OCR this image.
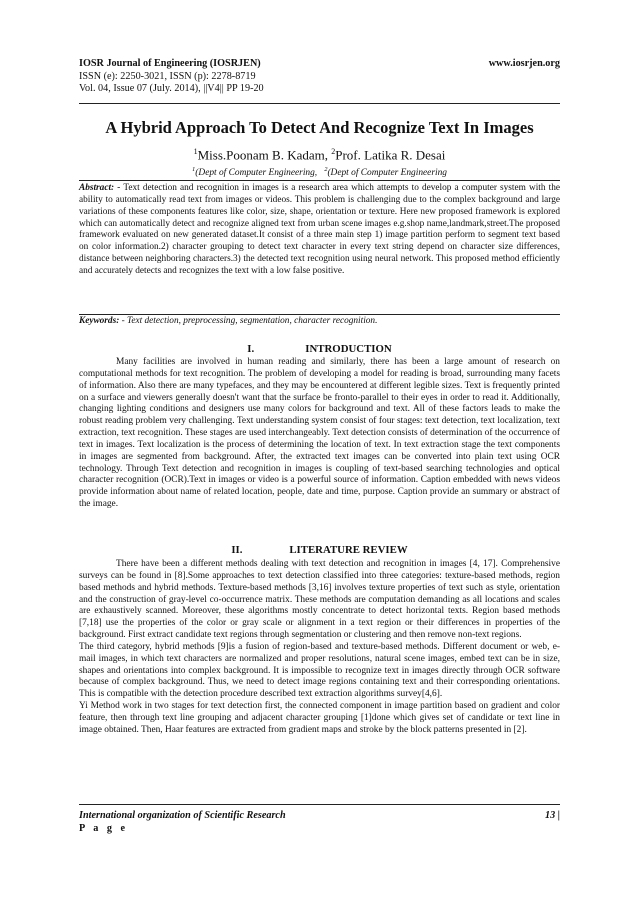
IOSR Journal of Engineering (IOSRJEN)	www.iosrjen.org
ISSN (e): 2250-3021, ISSN (p): 2278-8719
Vol. 04, Issue 07 (July. 2014), ||V4|| PP 19-20
A Hybrid Approach To Detect And Recognize Text In Images
$^1$Miss.Poonam B. Kadam, $^2$Prof. Latika R. Desai
$^1$(Dept of Computer Engineering, $^2$(Dept of Computer Engineering
Abstract: - Text detection and recognition in images is a research area which attempts to develop a computer system with the ability to automatically read text from images or videos. This problem is challenging due to the complex background and large variations of these components features like color, size, shape, orientation or texture. Here new proposed framework is explored which can automatically detect and recognize aligned text from urban scene images e.g.shop name,landmark,street.The proposed framework evaluated on new generated dataset.It consist of a three main step 1) image partition perform to segment text based on color information.2) character grouping to detect text character in every text string depend on character size differences, distance between neighboring characters.3) the detected text recognition using neural network. This proposed method efficiently and accurately detects and recognizes the text with a low false positive.
Keywords: - Text detection, preprocessing, segmentation, character recognition.
I.	INTRODUCTION

Many facilities are involved in human reading and similarly, there has been a large amount of research on computational methods for text recognition. The problem of developing a model for reading is broad, surrounding many facets of information. Also there are many typefaces, and they may be encountered at different legible sizes. Text is frequently printed on a surface and viewers generally doesn't want that the surface be fronto-parallel to their eyes in order to read it. Additionally, changing lighting conditions and designers use many colors for background and text. All of these factors leads to make the robust reading problem very challenging. Text understanding system consist of four stages: text detection, text localization, text extraction, text recognition. These stages are used interchangeably. Text detection consists of determination of the occurrence of text in images. Text localization is the process of determining the location of text. In text extraction stage the text components in images are segmented from background. After, the extracted text images can be converted into plain text using OCR technology. Through Text detection and recognition in images is coupling of text-based searching technologies and optical character recognition (OCR).Text in images or video is a powerful source of information. Caption embedded with news videos provide information about name of related location, people, date and time, purpose. Caption provide an summary or abstract of the image.

II.	LITERATURE REVIEW

There have been a different methods dealing with text detection and recognition in images [4, 17]. Comprehensive surveys can be found in [8].Some approaches to text detection classified into three categories: texture-based methods, region based methods and hybrid methods. Texture-based methods [3,16] involves texture properties of text such as style, orientation and the construction of gray-level co-occurrence matrix. These methods are computation demanding as all locations and scales are exhaustively scanned. Moreover, these algorithms mostly concentrate to detect horizontal texts. Region based methods [7,18] use the properties of the color or gray scale or alignment in a text region or their differences in properties of the background. First extract candidate text regions through segmentation or clustering and then remove non-text regions.

The third category, hybrid methods [9]is a fusion of region-based and texture-based methods. Different document or web, e-mail images, in which text characters are normalized and proper resolutions, natural scene images, embed text can be in size, shapes and orientations into complex background. It is impossible to recognize text in images directly through OCR software because of complex background. Thus, we need to detect image regions containing text and their corresponding orientations. This is compatible with the detection procedure described text extraction algorithms survey[4,6].

Yi Method work in two stages for text detection first, the connected component in image partition based on gradient and color feature, then through text line grouping and adjacent character grouping [1]done which gives set of candidate or text line in image obtained. Then, Haar features are extracted from gradient maps and stroke by the block patterns presented in [2].

International organization of Scientific Research	13 |
P a g e
